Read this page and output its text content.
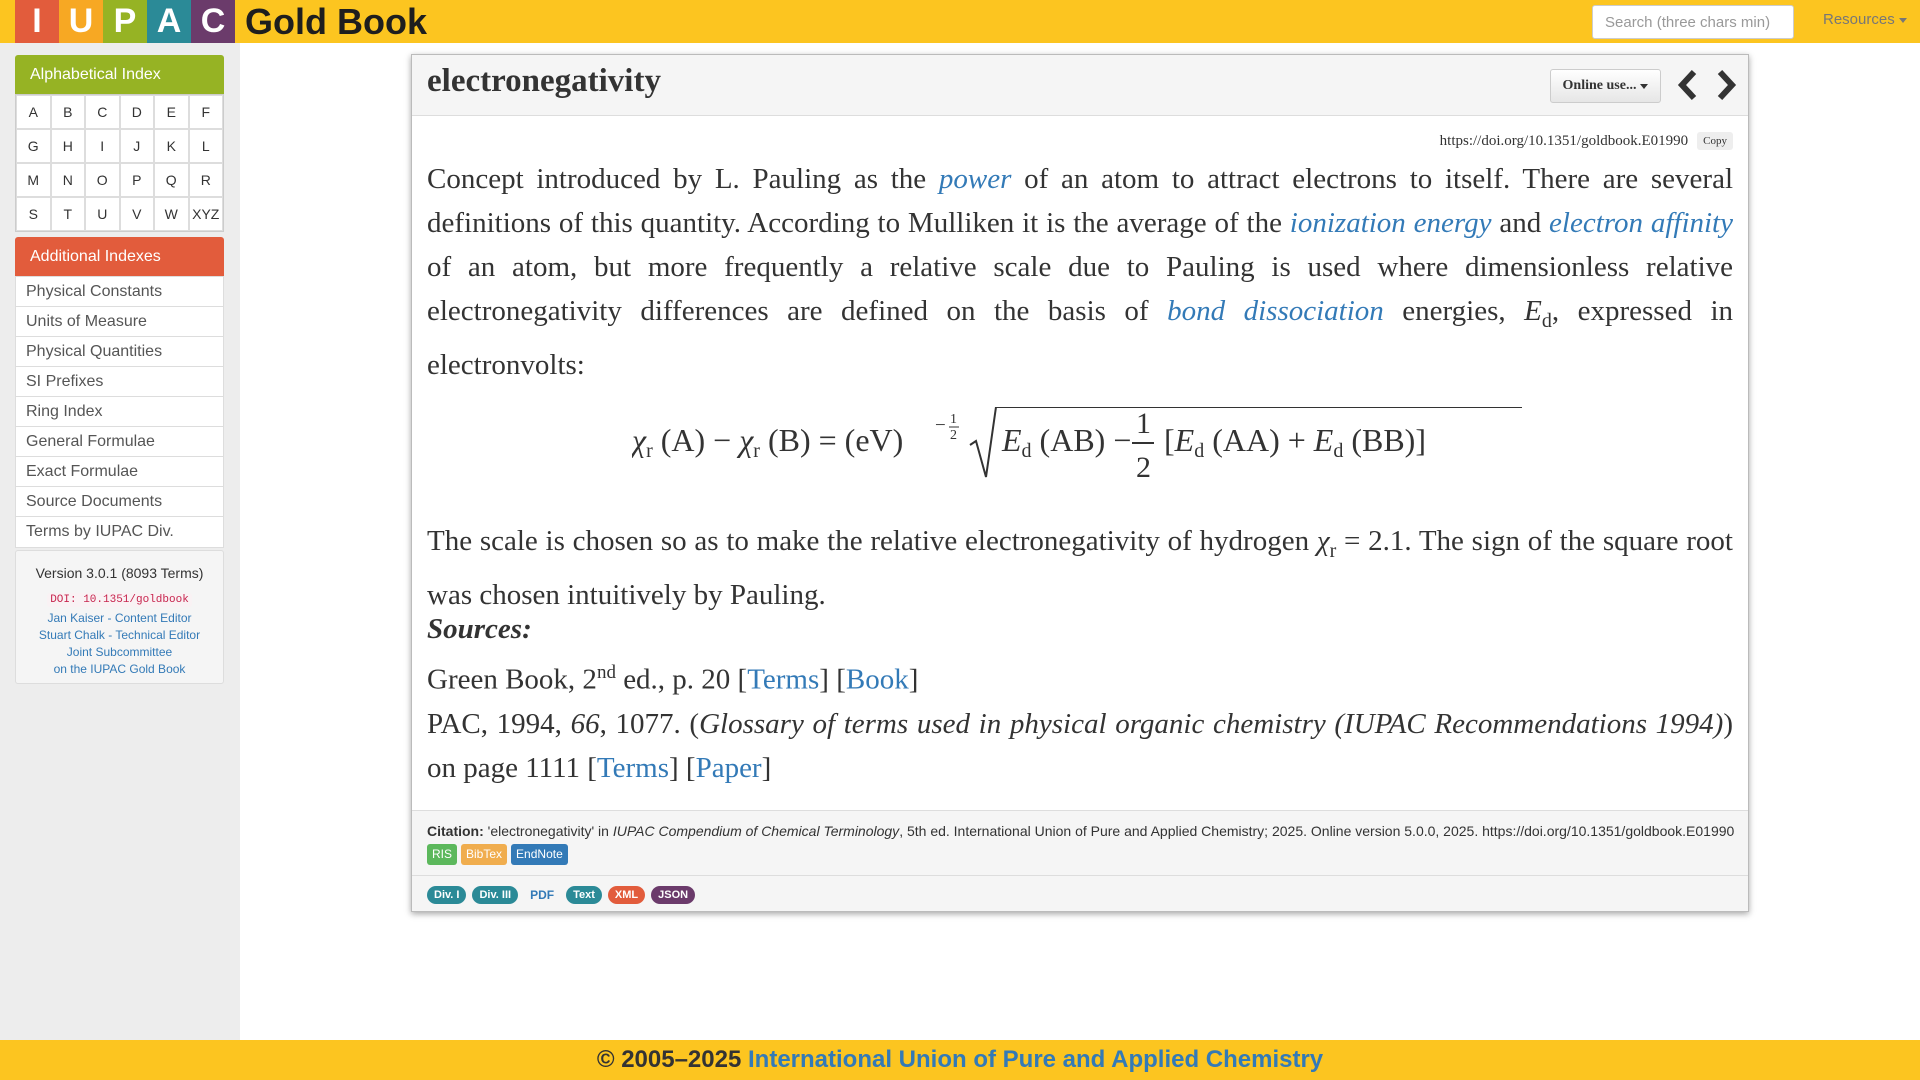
I U P A C Gold Book
Search (three chars min)	Resources
Alphabetical Index
A	B	C	D	E	F
G	H	I	J	K	L
M	N	O	P	Q	R
S	T	U	V	W	XYZ
Additional Indexes
Physical Constants
Units of Measure
Physical Quantities
SI Prefixes
Ring Index
General Formulae
Exact Formulae
Source Documents
Terms by IUPAC Div.
Version 3.0.1 (8093 Terms)
DOI: 10.1351/goldbook
Jan Kaiser - Content Editor
Stuart Chalk - Technical Editor
Joint Subcommittee
on the IUPAC Gold Book
electronegativity	Online use...
https://doi.org/10.1351/goldbook.E01990	Copy
Concept introduced by L. Pauling as the power of an atom to attract electrons to itself. There are several definitions of this quantity. According to Mulliken it is the average of the ionization energy and electron affinity of an atom, but more frequently a relative scale due to Pauling is used where dimensionless relative electronegativity differences are defined on the basis of bond dissociation energies, $E_d$, expressed in electronvolts:
χr (A) − χr (B) = (eV) − 1
2 Ed (AB) − 1
2
[Ed (AA) + Ed (BB)]
The scale is chosen so as to make the relative electronegativity of hydrogen $\chi_r = 2.1$. The sign of the square root was chosen intuitively by Pauling.
Sources:
Green Book, 2nd ed., p. 20 [Terms] [Book]
PAC, 1994, 66, 1077. (Glossary of terms used in physical organic chemistry (IUPAC Recommendations 1994)) on page 1111 [Terms] [Paper]
Citation: 'electronegativity' in IUPAC Compendium of Chemical Terminology, 5th ed. International Union of Pure and Applied Chemistry; 2025. Online version 5.0.0, 2025. https://doi.org/10.1351/goldbook.E01990
RIS	BibTex	EndNote
Div. I	Div. III	PDF	Text	XML	JSON
© 2005–2025 International Union of Pure and Applied Chemistry
